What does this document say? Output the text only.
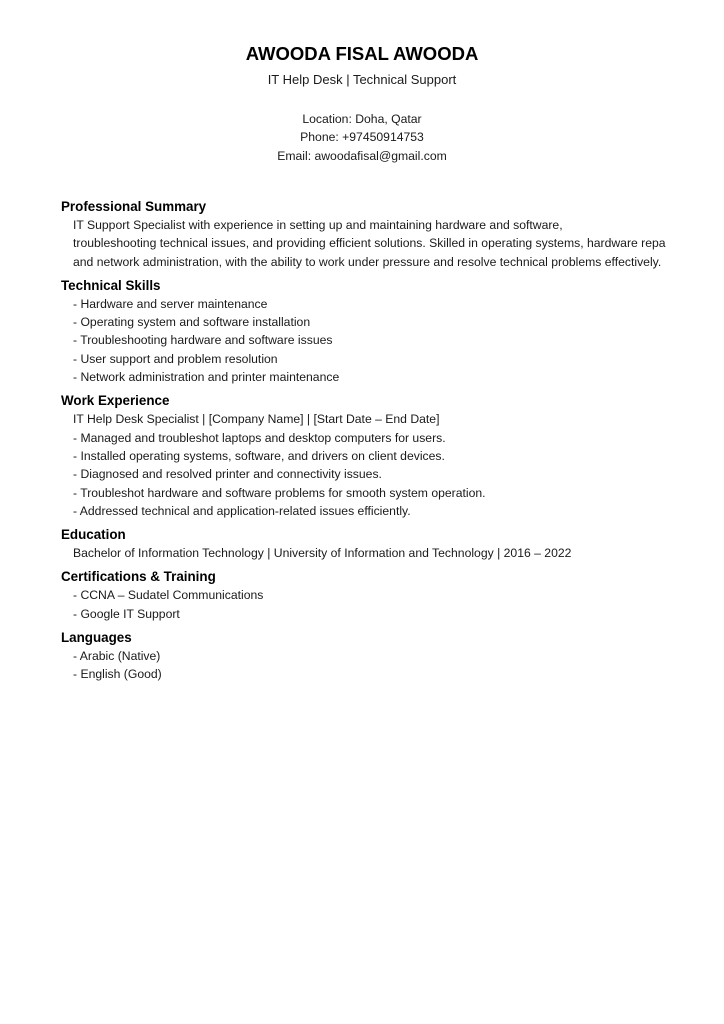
AWOODA FISAL AWOODA
IT Help Desk | Technical Support
Location: Doha, Qatar
Phone: +97450914753
Email: awoodafisal@gmail.com
Professional Summary
IT Support Specialist with experience in setting up and maintaining hardware and software,
troubleshooting technical issues, and providing efficient solutions. Skilled in operating systems, hardware repa
and network administration, with the ability to work under pressure and resolve technical problems effectively.
Technical Skills
- Hardware and server maintenance
- Operating system and software installation
- Troubleshooting hardware and software issues
- User support and problem resolution
- Network administration and printer maintenance
Work Experience
IT Help Desk Specialist | [Company Name] | [Start Date – End Date]
- Managed and troubleshot laptops and desktop computers for users.
- Installed operating systems, software, and drivers on client devices.
- Diagnosed and resolved printer and connectivity issues.
- Troubleshot hardware and software problems for smooth system operation.
- Addressed technical and application-related issues efficiently.
Education
Bachelor of Information Technology | University of Information and Technology | 2016 – 2022
Certifications & Training
- CCNA – Sudatel Communications
- Google IT Support
Languages
- Arabic (Native)
- English (Good)
